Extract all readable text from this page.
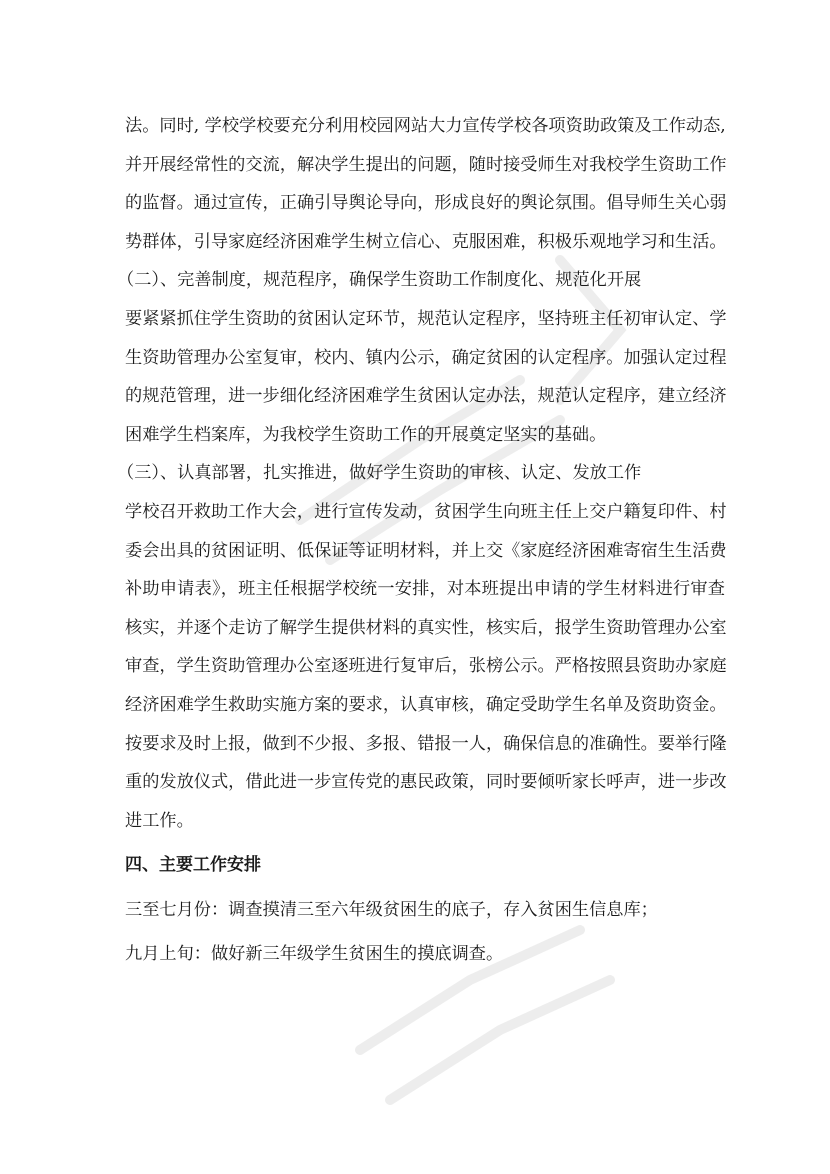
法。同时, 学校学校要充分利用校园网站大力宣传学校各项资助政策及工作动态,
并开展经常性的交流，解决学生提出的问题，随时接受师生对我校学生资助工作
的监督。通过宣传，正确引导舆论导向，形成良好的舆论氛围。倡导师生关心弱
势群体，引导家庭经济困难学生树立信心、克服困难，积极乐观地学习和生活。
（二）、完善制度，规范程序，确保学生资助工作制度化、规范化开展
要紧紧抓住学生资助的贫困认定环节，规范认定程序，坚持班主任初审认定、学
生资助管理办公室复审，校内、镇内公示，确定贫困的认定程序。加强认定过程
的规范管理，进一步细化经济困难学生贫困认定办法，规范认定程序，建立经济
困难学生档案库，为我校学生资助工作的开展奠定坚实的基础。
（三）、认真部署，扎实推进，做好学生资助的审核、认定、发放工作
学校召开救助工作大会，进行宣传发动，贫困学生向班主任上交户籍复印件、村
委会出具的贫困证明、低保证等证明材料，并上交《家庭经济困难寄宿生生活费
补助申请表》，班主任根据学校统一安排，对本班提出申请的学生材料进行审查
核实，并逐个走访了解学生提供材料的真实性，核实后，报学生资助管理办公室
审查，学生资助管理办公室逐班进行复审后，张榜公示。严格按照县资助办家庭
经济困难学生救助实施方案的要求，认真审核，确定受助学生名单及资助资金。
按要求及时上报，做到不少报、多报、错报一人，确保信息的准确性。要举行隆
重的发放仪式，借此进一步宣传党的惠民政策，同时要倾听家长呼声，进一步改
进工作。
四、主要工作安排
三至七月份：调查摸清三至六年级贫困生的底子，存入贫困生信息库；
九月上旬：做好新三年级学生贫困生的摸底调查。
